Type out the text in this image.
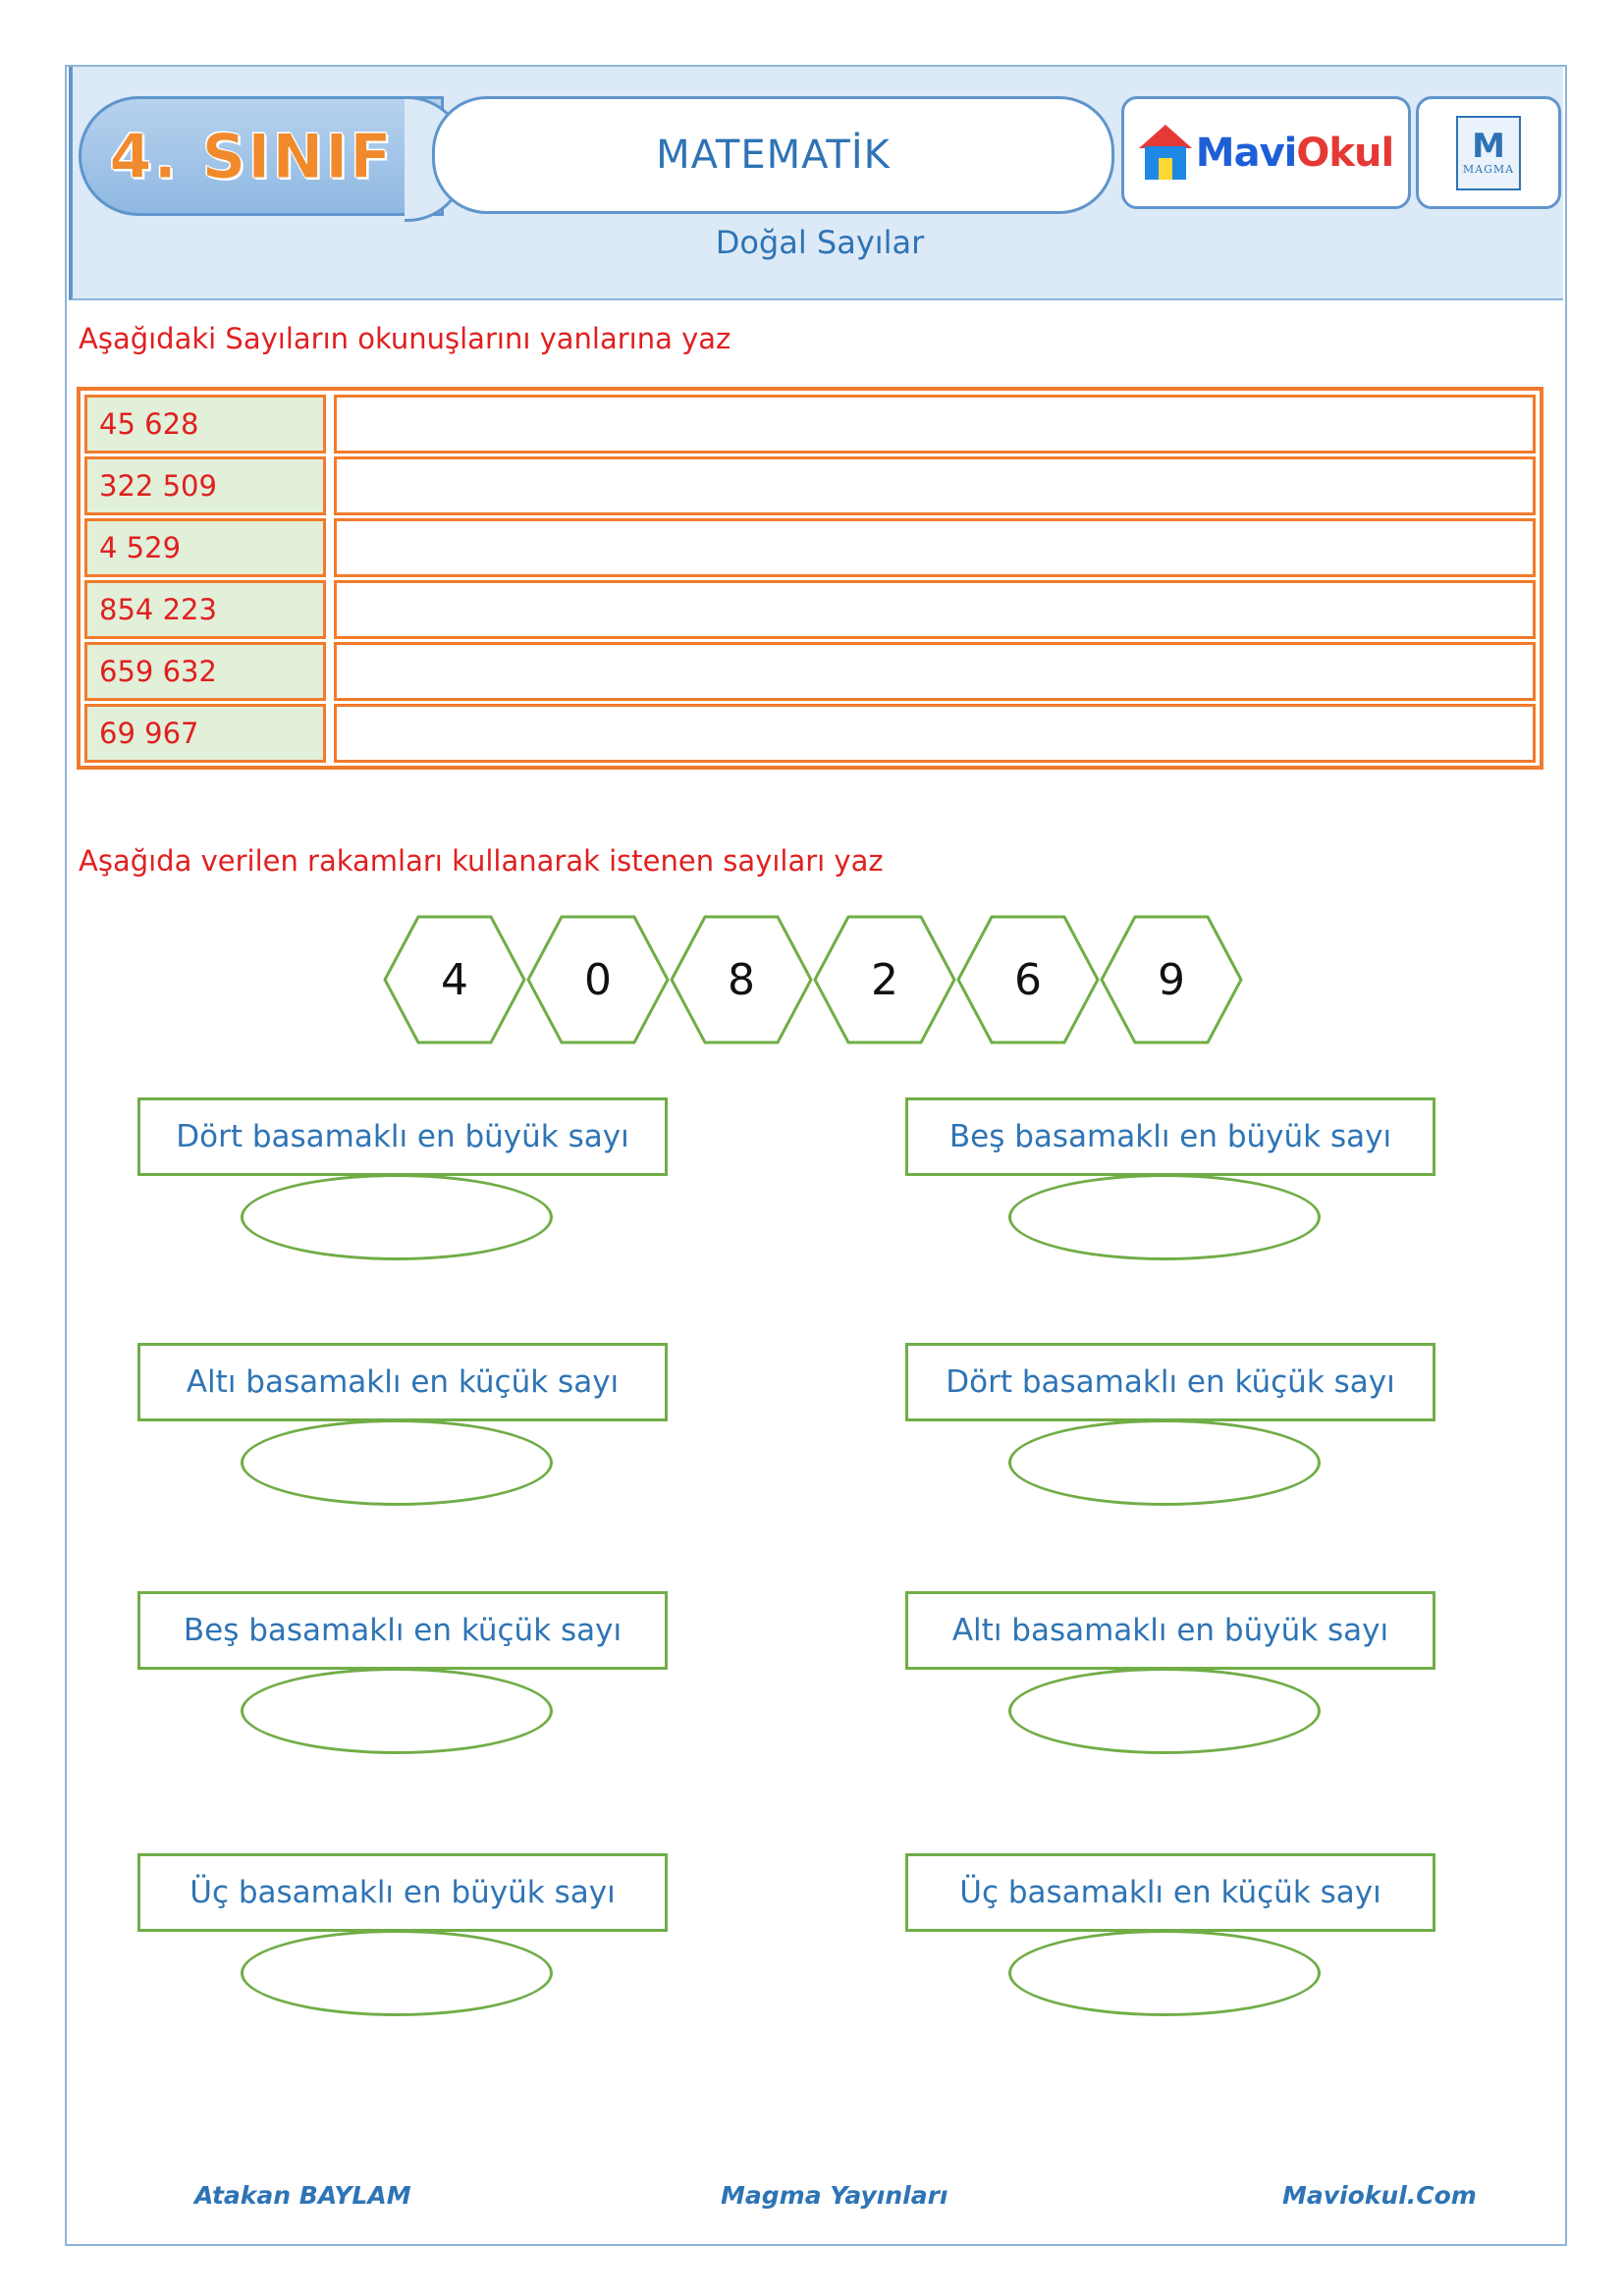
4. SINIF	MATEMATİK
Doğal Sayılar
MaviOkul M
MAGMA
Aşağıdaki Sayıların okunuşlarını yanlarına yaz
45 628
322 509
4 529
854 223
659 632
69 967
Aşağıda verilen rakamları kullanarak istenen sayıları yaz
4	0	8	2	6	9
Dört basamaklı en büyük sayı	Beş basamaklı en büyük sayı
Altı basamaklı en küçük sayı	Dört basamaklı en küçük sayı
Beş basamaklı en küçük sayı	Altı basamaklı en büyük sayı
Üç basamaklı en büyük sayı	Üç basamaklı en küçük sayı
Atakan BAYLAM	Magma Yayınları	Maviokul.Com
